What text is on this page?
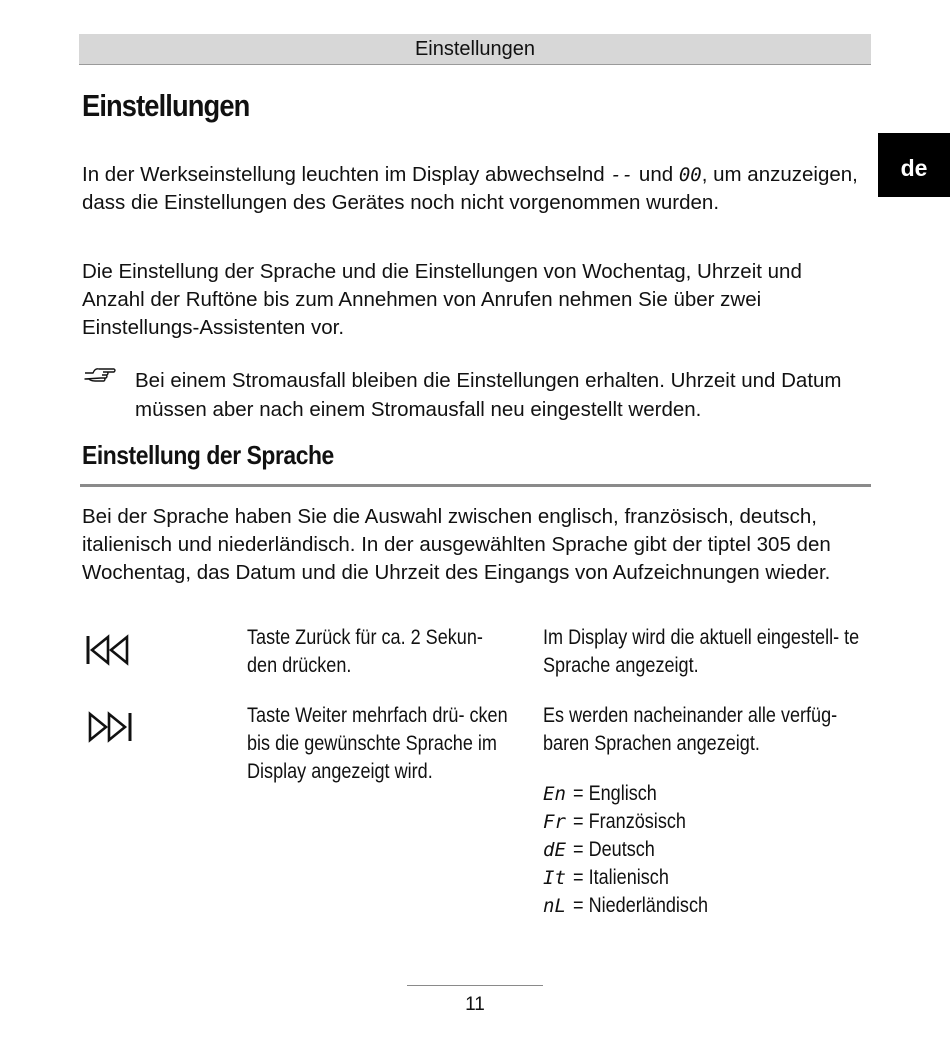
Einstellungen
de
Einstellungen

In der Werkseinstellung leuchten im Display abwechselnd -- und 00, um anzuzeigen, dass die Einstellungen des Gerätes noch nicht vorgenommen wurden.

Die Einstellung der Sprache und die Einstellungen von Wochentag, Uhrzeit und Anzahl der Ruftöne bis zum Annehmen von Anrufen nehmen Sie über zwei Einstellungs-Assistenten vor.

Bei einem Stromausfall bleiben die Einstellungen erhalten. Uhrzeit und Datum müssen aber nach einem Stromausfall neu eingestellt werden.

Einstellung der Sprache

Bei der Sprache haben Sie die Auswahl zwischen englisch, französisch, deutsch, italienisch und niederländisch. In der ausgewählten Sprache gibt der tiptel 305 den Wochentag, das Datum und die Uhrzeit des Eingangs von Aufzeichnungen wieder.

Taste Zurück für ca. 2 Sekun- den drücken.
Im Display wird die aktuell eingestell- te Sprache angezeigt.
Taste Weiter mehrfach drü- cken bis die gewünschte Sprache im Display angezeigt wird.
Es werden nacheinander alle verfüg- baren Sprachen angezeigt.
En = Englisch
Fr = Französisch
dE = Deutsch
It = Italienisch
nL = Niederländisch
11
